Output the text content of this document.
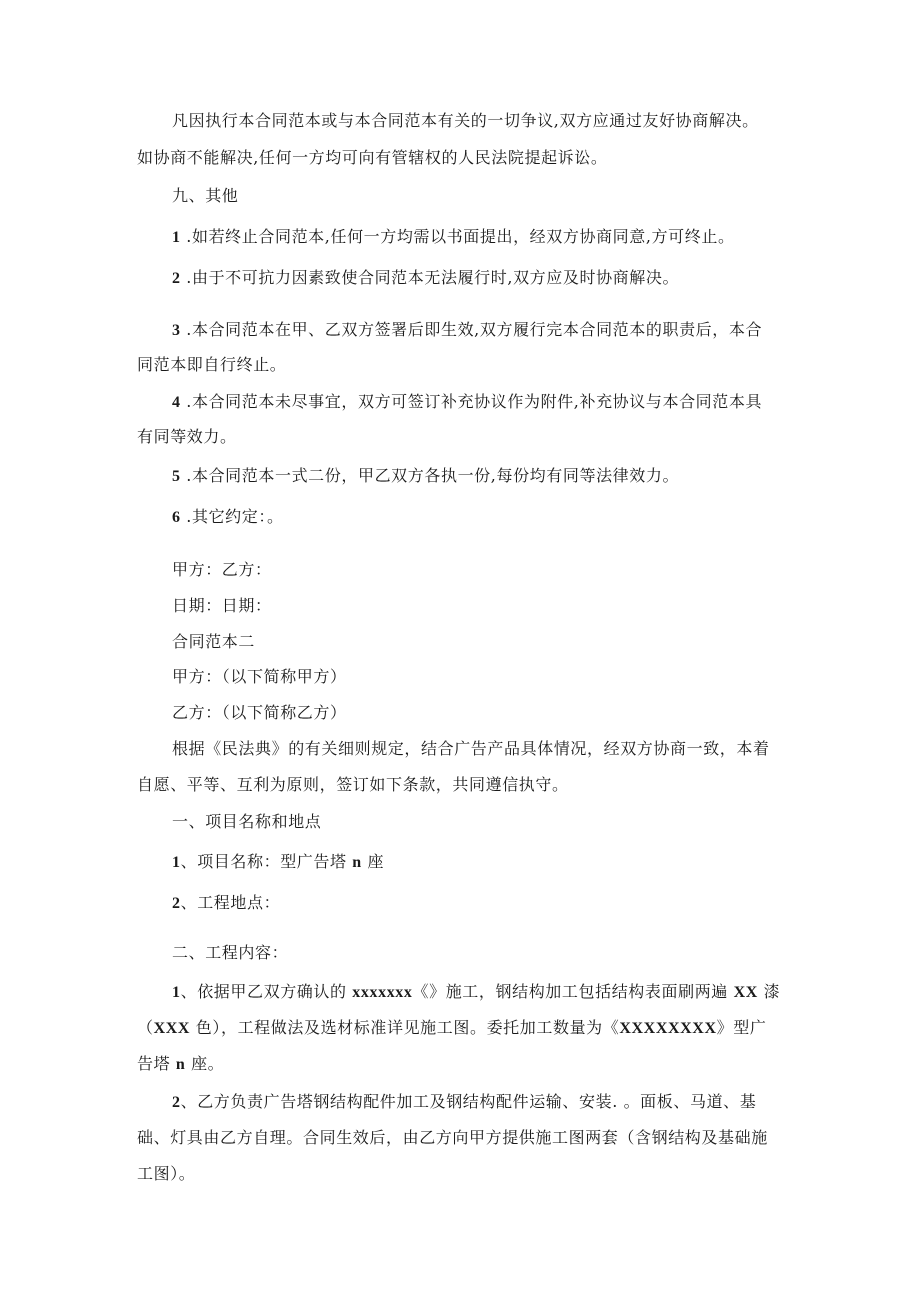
凡因执行本合同范本或与本合同范本有关的一切争议,双方应通过友好协商解决。
如协商不能解决,任何一方均可向有管辖权的人民法院提起诉讼。
九、其他
1 .如若终止合同范本,任何一方均需以书面提出，经双方协商同意,方可终止。
2 .由于不可抗力因素致使合同范本无法履行时,双方应及时协商解决。
3 .本合同范本在甲、乙双方签署后即生效,双方履行完本合同范本的职责后，本合
同范本即自行终止。
4 .本合同范本未尽事宜，双方可签订补充协议作为附件,补充协议与本合同范本具
有同等效力。
5 .本合同范本一式二份，甲乙双方各执一份,每份均有同等法律效力。
6 .其它约定：。
甲方：乙方：
日期：日期：
合同范本二
甲方：（以下简称甲方）
乙方：（以下简称乙方）
根据《民法典》的有关细则规定，结合广告产品具体情况，经双方协商一致，本着
自愿、平等、互利为原则，签订如下条款，共同遵信执守。
一、项目名称和地点
1、项目名称：型广告塔 n 座
2、工程地点：
二、工程内容：
1、依据甲乙双方确认的 xxxxxxx《》施工，钢结构加工包括结构表面刷两遍 XX 漆
（XXX 色），工程做法及选材标准详见施工图。委托加工数量为《XXXXXXXX》型广
告塔 n 座。
2、乙方负责广告塔钢结构配件加工及钢结构配件运输、安装. 。面板、马道、基
础、灯具由乙方自理。合同生效后，由乙方向甲方提供施工图两套（含钢结构及基础施
工图）。
